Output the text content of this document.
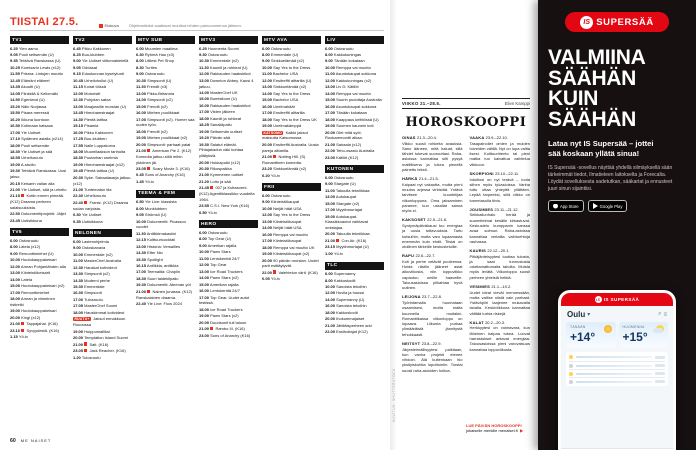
TIISTAI 27.5.	Elokuva	Ohjelmatiedot saattavat muuttua lehden painoonmenon jälkeen.
TV1

6.25 Ylen aamu

9.05 Puoli seitsemän (U)

9.35 Tehtävä Ranskassa (U)

10.25 Komisario Lewis (x12)

11.55 Prisma: Lintujen muutto

12.45 Elämäni eläimet

13.35 Akuutti (U)

14.05 Flinkkilä & Kellomäki

14.50 Egenland (U)

15.20 Näin Norjassa

15.50 Pisara meressä

16.20 Ikkuna luontoon

16.50 Kotimaan katsaus

17.00 Yle Uutiset

17.10 Sydämen asialla (x214)

18.00 Puoli seitsemän

18.30 Yle Uutiset ja sää

18.55 Urheiluruutu

19.00 A-studio

19.30 Tehtävä Ranskassa. Uusi jakso.

20.15 Keisarin vallan alla

21.00 Yle Uutiset, sää ja urheilu

21.15  Kotiin ennen pimeää. (K12) Draama perheen salaisuuksista.

22.50 Dokumenttiprojekti: Jäljet

23.45 Uutisikkuna

TV5

6.00 Ostosruutu

8.00 Latela (x12)

9.00 Remonttimiehet (U)

10.00 Huutokauppakeisari

12.00 Arman Pohjantähden alla

13.00 Kiinteistökeisarit

14.00 Latela

15.00 Huutokauppakeisari (x2)

17.00 Remonttimiehet

18.00 Arman ja viimeinen ristiretki

19.00 Huutokauppakeisari

20.00 Kingi (x12)

21.00  Tappajahai. (K16)

23.10  Syvyydestä. (K16)

1.15 Yö-tv

TV2

6.45 Pikku Kakkonen

8.25 Buu-klubben

9.00 Yle Uutiset viittomakielellä

9.05 Oddasat

9.15 Eduskunnan kyselytunti

10.45 Urheiluhullut (U)

11.15 Koirat töissä

12.00 Motoristit

12.30 Pohjolan satoa

13.00 Maajussille morsian (U)

13.45 Himohamstraajat

14.30 Pientä laittoa

15.15 Pisamia

16.00 Pikku Kakkonen

17.25 Buu-klubben

17.55 Nalle Luppakorva

18.05 Muumilaakson tarinoita

18.30 Puutarhan unelmia

19.00 Himohamstraajat (x12)

19.45 Pientä laittoa (U)

20.30 Syke. Sairaalasarja jatkuu. (x12)

21.00 Tuntematon tila

22.30 Urheiluruutu

22.40  Frantz. (K12) Draama sodan varjoista.

0.30 Yle Uutiset

0.35 Uutisikkuna

NELONEN

6.00 Lastenohjelmia

9.00 Ostoskanava

10.00 Emmerdale (x2)

11.00 MasterChef Australia

12.30 Hauskat kotivideot

13.30 Simpsonit (x2)

14.30 Moderni perhe

15.30 Emmerdale

16.30 Simpsonit

17.00 Tulosruutu

17.05 MasterChef Suomi

18.00 Hauskimmat kotivideot

RUUTU+ Jaksot ennakkoon Ruudussa

19.00 Huippumalliksi

20.00 Temptation Island Suomi

21.00  Salt. (K16)

23.05  Jack Reacher. (K16)

1.20 Tulosruutu

MTV SUB

6.00 Muumien maailma

6.30 Ryhmä Hau (x3)

8.00 Littlest Pet Shop

8.30 Turtles

9.00 Ostosruutu

10.30 Simpsonit (U)

11.30 Frendit (x3)

13.00 Pikku-Britannia

14.00 Simpsonit (x2)

15.00 Frendit (x2)

16.00 Miehen puolikkaat

17.00 Simpsonit (x2). Homer saa uuden työn.

18.00 Frendit (x2)

19.00 Miehen puolikkaat (x2)

20.00 Simpsonit: parhaat palat

21.00  American Pie 2. (K12) Komedia jatkuu siitä mihin ykkönen jäi.

23.05  Scary Movie 3. (K16)

0.45 Sons of Anarchy (K16)

1.45 Yö-tv

TEEMA & FEM

6.50 Yle Live: klassista

8.00 Munklubben

9.05 Strömsö (U)

10.00 Dokumentti: Picasson vuodet

11.30 Antiikkimakasiini

12.15 Kulttuuricocktail

13.00 Historia: Versailles

14.30 Efter Nio

15.30 Spotlight

16.15 Antiikkia, antiikkia

17.00 Teemailta: Chaplin

18.30 Suuri taidekilpailu

19.30 Dokumentti: Ateenan yöt

21.00  Nainen junassa. (K12) Ranskalainen draama.

22.40 Yle Live: Flow 2024

MTV3

6.25 Huomenta Suomi

9.30 Ostosruutu

10.30 Emmerdale (x2)

11.30 Kauniit ja rohkeat (U)

12.00 Rakkauden haaksirikot

13.00 Downton Abbey. Kausi 4 jatkuu.

14.00 MasterChef UK

15.00 Bumtsibum (U)

16.00 Rakkauden haaksirikot

17.00 Viiden jälkeen

18.00 Kauniit ja rohkeat

18.25 Sanakilpailu

19.00 Seitsemän uutiset

19.20 Päivän sää

19.30 Salatut elämät. Pihlajakadun väki kohtaa yllätyksiä.

20.00 Hukkaputki (x12)

20.30 Rikospaikka

21.00 Kymmenen uutiset

21.20 Lotto ja sää

21.45  007 ja Kultasormi. (K12) Agenttiklassikko vuodelta 1964.

23.55 C.S.I. New York (K16)

0.50 Yö-tv

HERO

6.00 Ostosruutu

8.00 Top Gear (U)

9.00 Amerikan rajalla

10.00 Pawn Stars

11.00 Lentokenttä 24/7

12.00 Top Gear

13.00 Ice Road Truckers

14.00 Pawn Stars (x2)

15.00 Amerikan rajalla

16.00 Lentokenttä 24/7

17.00 Top Gear. Uudet autot testissä.

18.00 Ice Road Truckers

19.00 Pawn Stars (x2)

20.00 Duudsonit tuli taloon

21.00  Rambo III. (K16)

23.00 Sons of Anarchy (K16)

MTV AVA

6.00 Ostosruutu

8.00 Emmerdale (U)

9.00 Sinkkuelämää (x2)

10.00 Say Yes to the Dress

11.00 Bachelor USA

12.00 Ensitreffit alttarilla (U)

13.00 Sinkkuelämää (x2)

14.00 Say Yes to the Dress

15.00 Bachelor USA

16.00 Unelmahäät

17.00 Ensitreffit alttarilla

18.00 Say Yes to the Dress UK

19.00 Unelmakämppä

KATSOMO Kaikki jaksot maksutta Katsomossa

20.00 Ensitreffit Australia. Uusia pareja alttarilla.

21.00  Notting Hill. (S) Romanttinen komedia.

23.20 Sinkkuelämää (x2)

0.20 Yö-tv

FRII

6.00 Ostosruutu

9.00 Kiinteistökaupat

10.00 Neljät häät USA

12.00 Say Yes to the Dress

13.00 Kiinteistökaupat

14.00 Neljät häät USA

16.00 Remppa vai muutto

17.00 Kiinteistökaupat

18.00 Remppa vai muutto UK

19.00 Kiinteistökaupat (x2)

20.00 90 päivän morsian. Uudet parit esittäytyvät.

22.00  Valehtelun värit. (K16)

0.05 Yö-tv

LIV

6.00 Ostosruutu

8.00 Kakkukuningas

9.00 Tänään kokataan

10.00 Remppa vai muutto

11.00 Asuntokaupat sokkona

12.00 Kakkukuningas (x2)

13.00 Liv D: Kätilöt

14.00 Remppa vai muutto

15.00 Suurin pudottaja Australia

16.00 Asuntokaupat sokkona

17.00 Tänään kokataan

18.00 Kaappaus keittiössä (U)

19.00 Suomen kaunein koti

20.00 Olet mitä syöt. Ruokaremontti alkaa.

21.00 Sairaala (x12)

22.00 Teho-osasto Australia

23.00 Kätilöt (K12)

KUTONEN

6.00 Ostosruutu

9.00 Stargate (U)

11.00 Takuulla tekniikkaa

13.00 Autokaupat

15.00 Stargate (x2)

17.00 Myytinmurtajat

19.00 Autokaupat. Klassikkoautot vaihtavat omistajaa.

20.00 Takuulla tekniikkaa

21.00  Con Air. (K16)

23.15 Myytinmurtajat (U)

1.00 Yö-tv

TLC

6.00 Supernanny

8.00 Kakkoskodit

10.00 Sanoista tekoihin

12.00 Huvila ja huussi

14.00 Supernanny (U)

16.00 Sanoista tekoihin

18.00 Kakkoskodit

20.00 Ihokummajaiset

21.00 Jättiläisperheen arki

22.00 Ensihoitajat (K12)

60 ME NAISET
VIIKKO 21.–28.5.	Elien Kamppi
HOROSKOOPPI

OINAS 21.3.–20.4.

Viikko suosii rohkeita avauksia. Sano ääneen, mitä haluat, sillä tähdet tukevat suoruuttasi. Raha-asioissa kannattaa silti pysyä maltillisena ja lukea pienellä painettu teksti.

HÄRKÄ 21.4.–21.5.

Kaipaat nyt vakautta, mutta pieni muutos arjessa virkistää. Ystävä tarvitsee kuuntelijaa viikonloppuna. Oma jaksaminen paranee, kun uskallat sanoa myös ei.

KAKSOSET 22.5.–21.6.

Syntymäpäiväkausi tuo energiaa ja uusia tuttavuuksia. Tartu kutsuihin, mutta varo lupaamasta enemmän kuin ehdit. Tiistai on otollinen tärkeille keskusteluille.

RAPU 22.6.–22.7.

Koti ja perhe vetävät puoleensa. Hoida rästiin jääneet asiat alkuviikosta, niin loppuviikko vapautuu omille haaveille. Talousasioissa pilkahtaa hyvä uutinen.

LEIJONA 23.7.–22.8.

Työrintamalla huomataan osaamisesi, mutta malta kuunnella muitakin. Romantiikassa viikonloppu on lupaava. Liikunta purkaa ylimääräistä jännitystä tehokkaasti.

NEITSYT 23.8.–22.9.

Järjestelmällisyytesi palkitaan, kun vanha projekti etenee vihdoin. Älä kuitenkaan hio yksityiskohtia loputtomiin. Torstai suosii raha-asioiden hoitoa.

VAAKA 23.9.–22.10.

Tasapainoilet omien ja muiden toiveiden välillä. Nyt on lupa valita itsesi. Kulttuuririento tai pieni matka tuo kaivattua vaihtelua viikkoon.

SKORPIONI 23.10.–22.11.

Intuitiosi on nyt terävä – luota siihen myös työasioissa. Vanha tuttu ottaa yhteyttä yllättäen. Lepää tarpeeksi, sillä viikko on tunnetasolla tiivis.

JOUSIMIES 23.11.–21.12.

Seikkailunhalu herää ja suunnitelmat kesälle kirkastuvat. Keskustelu kumppanin kanssa avaa solmun. Raha-asioissa kannattaa vertailla vaihtoehtoja rauhassa.

KAURIS 22.12.–20.1.

Pitkäjänteisyytesi tuottaa tulosta, ja saat tunnustusta odottamattomalta taholta. Muista myös levätä. Viikonloppu suosii perheen yhteisiä hetkiä.

VESIMIES 21.1.–19.2.

Uudet ideat vievät mennessään, mutta valitse niistä vain parhaat. Ystäväpiiri laajenee mukavalla tavalla. Keskiviikkona kannattaa välttää turhia riskejä.

KALAT 20.2.–20.3.

Herkkyytesi on voimavara, kun läheinen kaipaa tukea. Luovat harrastukset antavat energiaa. Talousasioissa pieni varovaisuus kannattaa loppuviikosta.

LUE PÄIVÄN HOROSKOOPPI jokaiselle merkille menaiset.fi ►
KUVITUS: SHUTTERSTOCK
IS SUPERSÄÄ
VALMIINA
SÄÄHÄN KUIN
SÄÄHÄN

Lataa nyt IS Supersää – jottei sää koskaan yllätä sinua!

IS Supersää -sovellus näyttää yhdellä silmäyksellä sään tärkeimmät tiedot, Ilmatieteen laitokselta ja Forecalta. Löydät sovelluksesta sadetutkan, sääkartat ja ennusteet juuri sinun sijaintiisi.

App Store	Google Play
IS IS SUPERSÄÄ
Oulu ▾	⌕ ≡
TÄNÄÄN
+14°
HUOMENNA
+15°
